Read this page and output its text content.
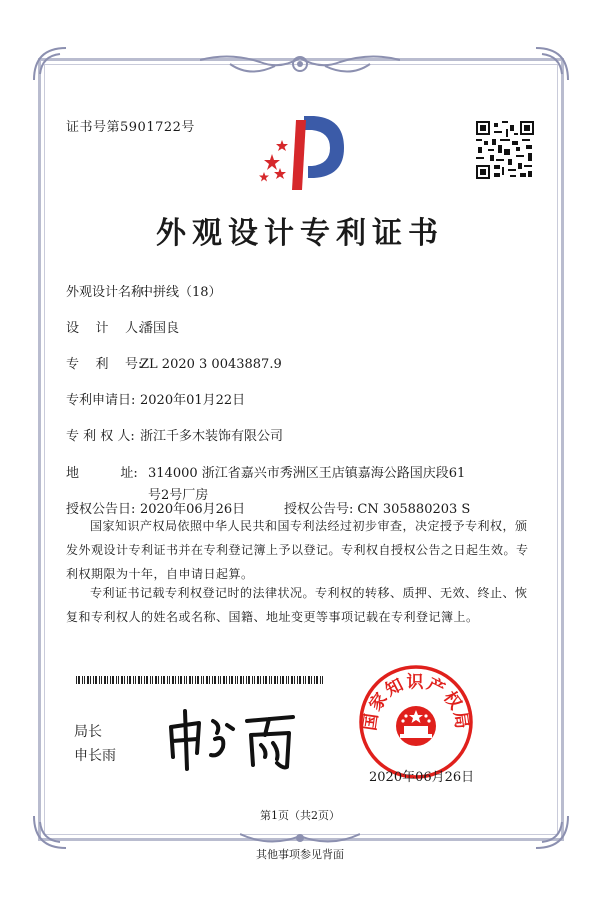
证书号第5901722号
外观设计专利证书
外观设计名称:中拼线（18）
设    计    人:潘国良
专    利    号:ZL 2020 3 0043887.9
专利申请日: 2020年01月22日
专 利 权 人: 浙江千多木装饰有限公司
地          址: 314000 浙江省嘉兴市秀洲区王店镇嘉海公路国庆段61号2号厂房
授权公告日: 2020年06月26日	授权公告号: CN 305880203 S
国家知识产权局依照中华人民共和国专利法经过初步审查，决定授予专利权，颁发外观设计专利证书并在专利登记簿上予以登记。专利权自授权公告之日起生效。专利权期限为十年，自申请日起算。
专利证书记载专利权登记时的法律状况。专利权的转移、质押、无效、终止、恢复和专利权人的姓名或名称、国籍、地址变更等事项记载在专利登记簿上。
局长
申长雨
国家知识产权局
2020年06月26日
第1页（共2页）
其他事项参见背面
